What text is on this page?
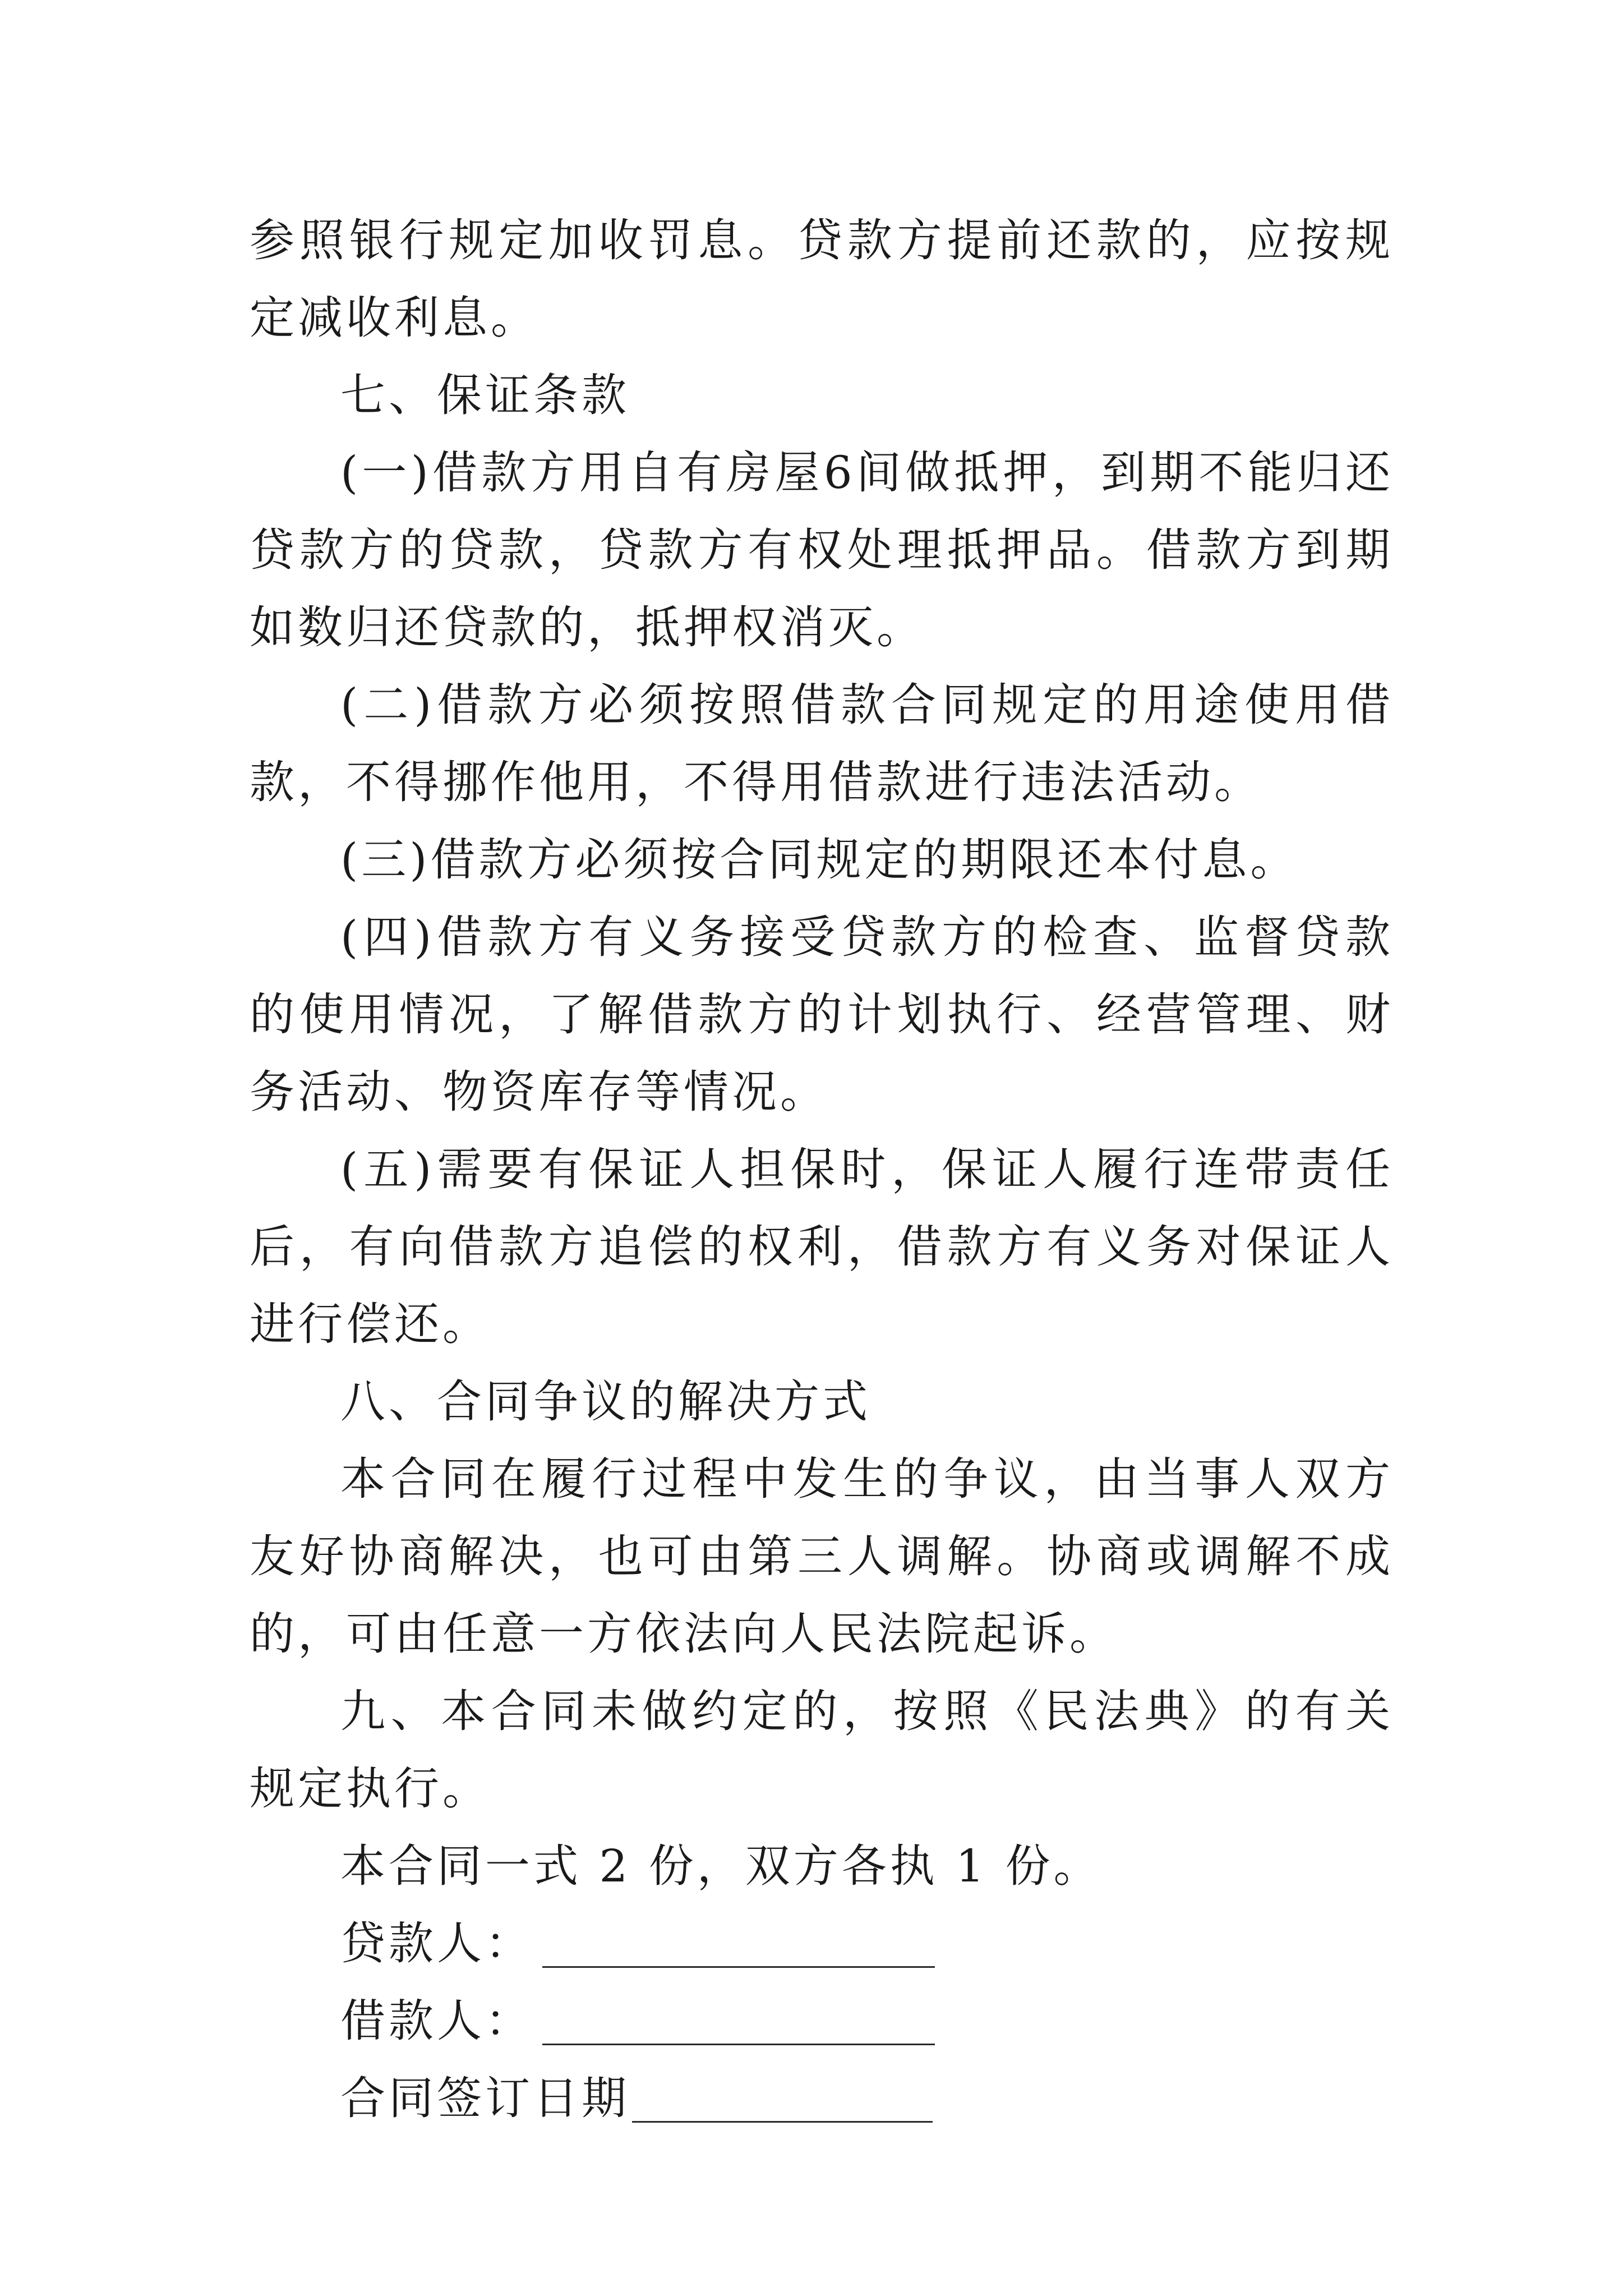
参照银行规定加收罚息。贷款方提前还款的，应按规定减收利息。

七、保证条款

(一)借款方用自有房屋6间做抵押，到期不能归还贷款方的贷款，贷款方有权处理抵押品。借款方到期如数归还贷款的，抵押权消灭。

(二)借款方必须按照借款合同规定的用途使用借款，不得挪作他用，不得用借款进行违法活动。

(三)借款方必须按合同规定的期限还本付息。

(四)借款方有义务接受贷款方的检查、监督贷款的使用情况，了解借款方的计划执行、经营管理、财务活动、物资库存等情况。

(五)需要有保证人担保时，保证人履行连带责任后，有向借款方追偿的权利，借款方有义务对保证人进行偿还。

八、合同争议的解决方式

本合同在履行过程中发生的争议，由当事人双方友好协商解决，也可由第三人调解。协商或调解不成的，可由任意一方依法向人民法院起诉。

九、本合同未做约定的，按照《民法典》的有关规定执行。

本合同一式 2 份，双方各执 1 份。

贷款人：
借款人：
合同签订日期
